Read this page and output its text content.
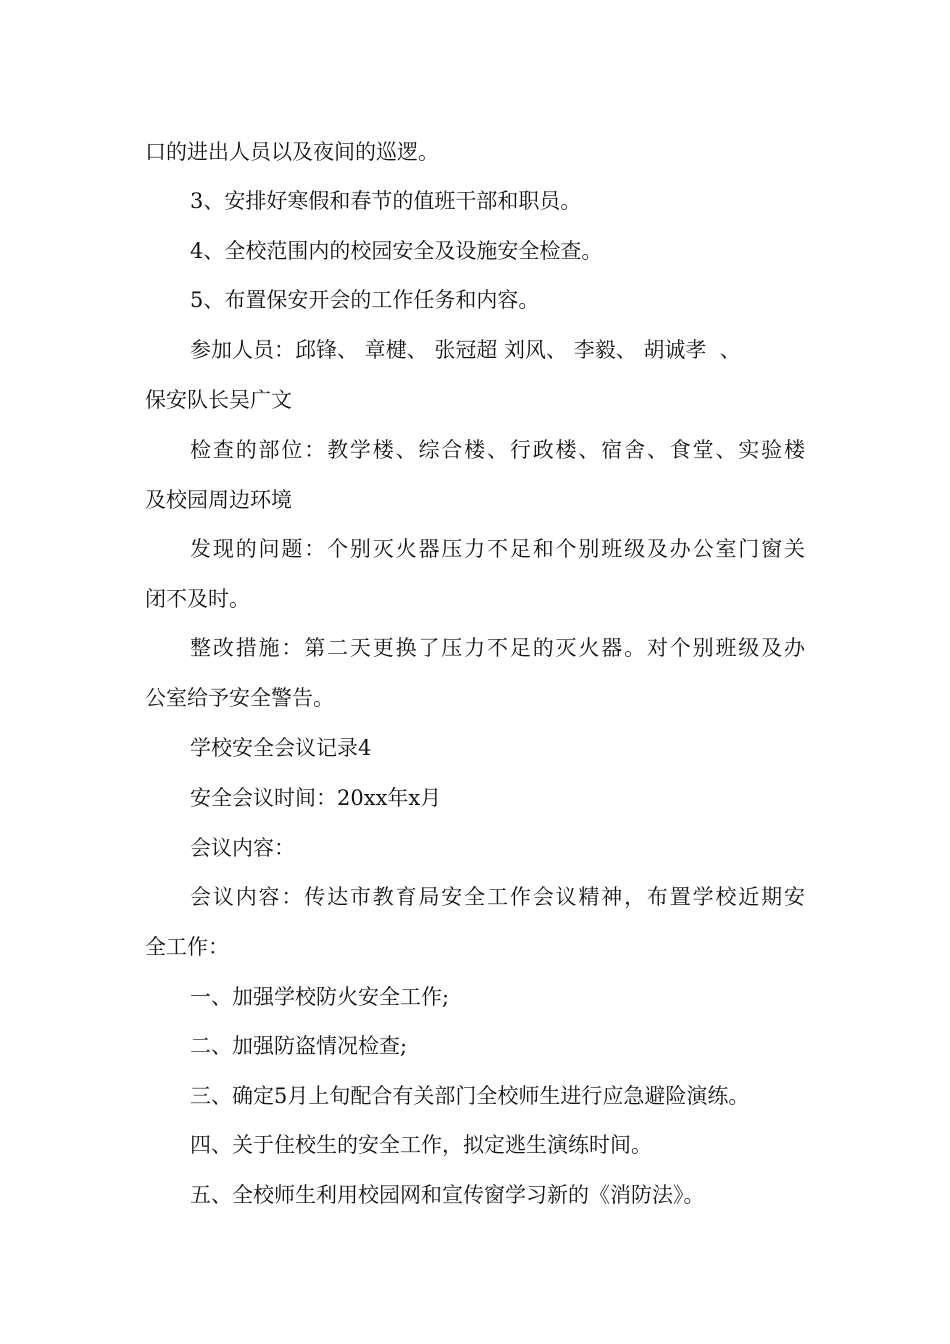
口的进出人员以及夜间的巡逻。
3、安排好寒假和春节的值班干部和职员。
4、全校范围内的校园安全及设施安全检查。
5、布置保安开会的工作任务和内容。
参加人员：邱锋、 章楗、 张冠超 刘风、 李毅、 胡诚孝  、
保安队长吴广文
检查的部位：教学楼、综合楼、行政楼、宿舍、食堂、实验楼
及校园周边环境
发现的问题：个别灭火器压力不足和个别班级及办公室门窗关
闭不及时。
整改措施：第二天更换了压力不足的灭火器。对个别班级及办
公室给予安全警告。
学校安全会议记录4
安全会议时间：20xx年x月
会议内容：
会议内容：传达市教育局安全工作会议精神，布置学校近期安
全工作：
一、加强学校防火安全工作;
二、加强防盗情况检查;
三、确定5月上旬配合有关部门全校师生进行应急避险演练。
四、关于住校生的安全工作，拟定逃生演练时间。
五、全校师生利用校园网和宣传窗学习新的《消防法》。
